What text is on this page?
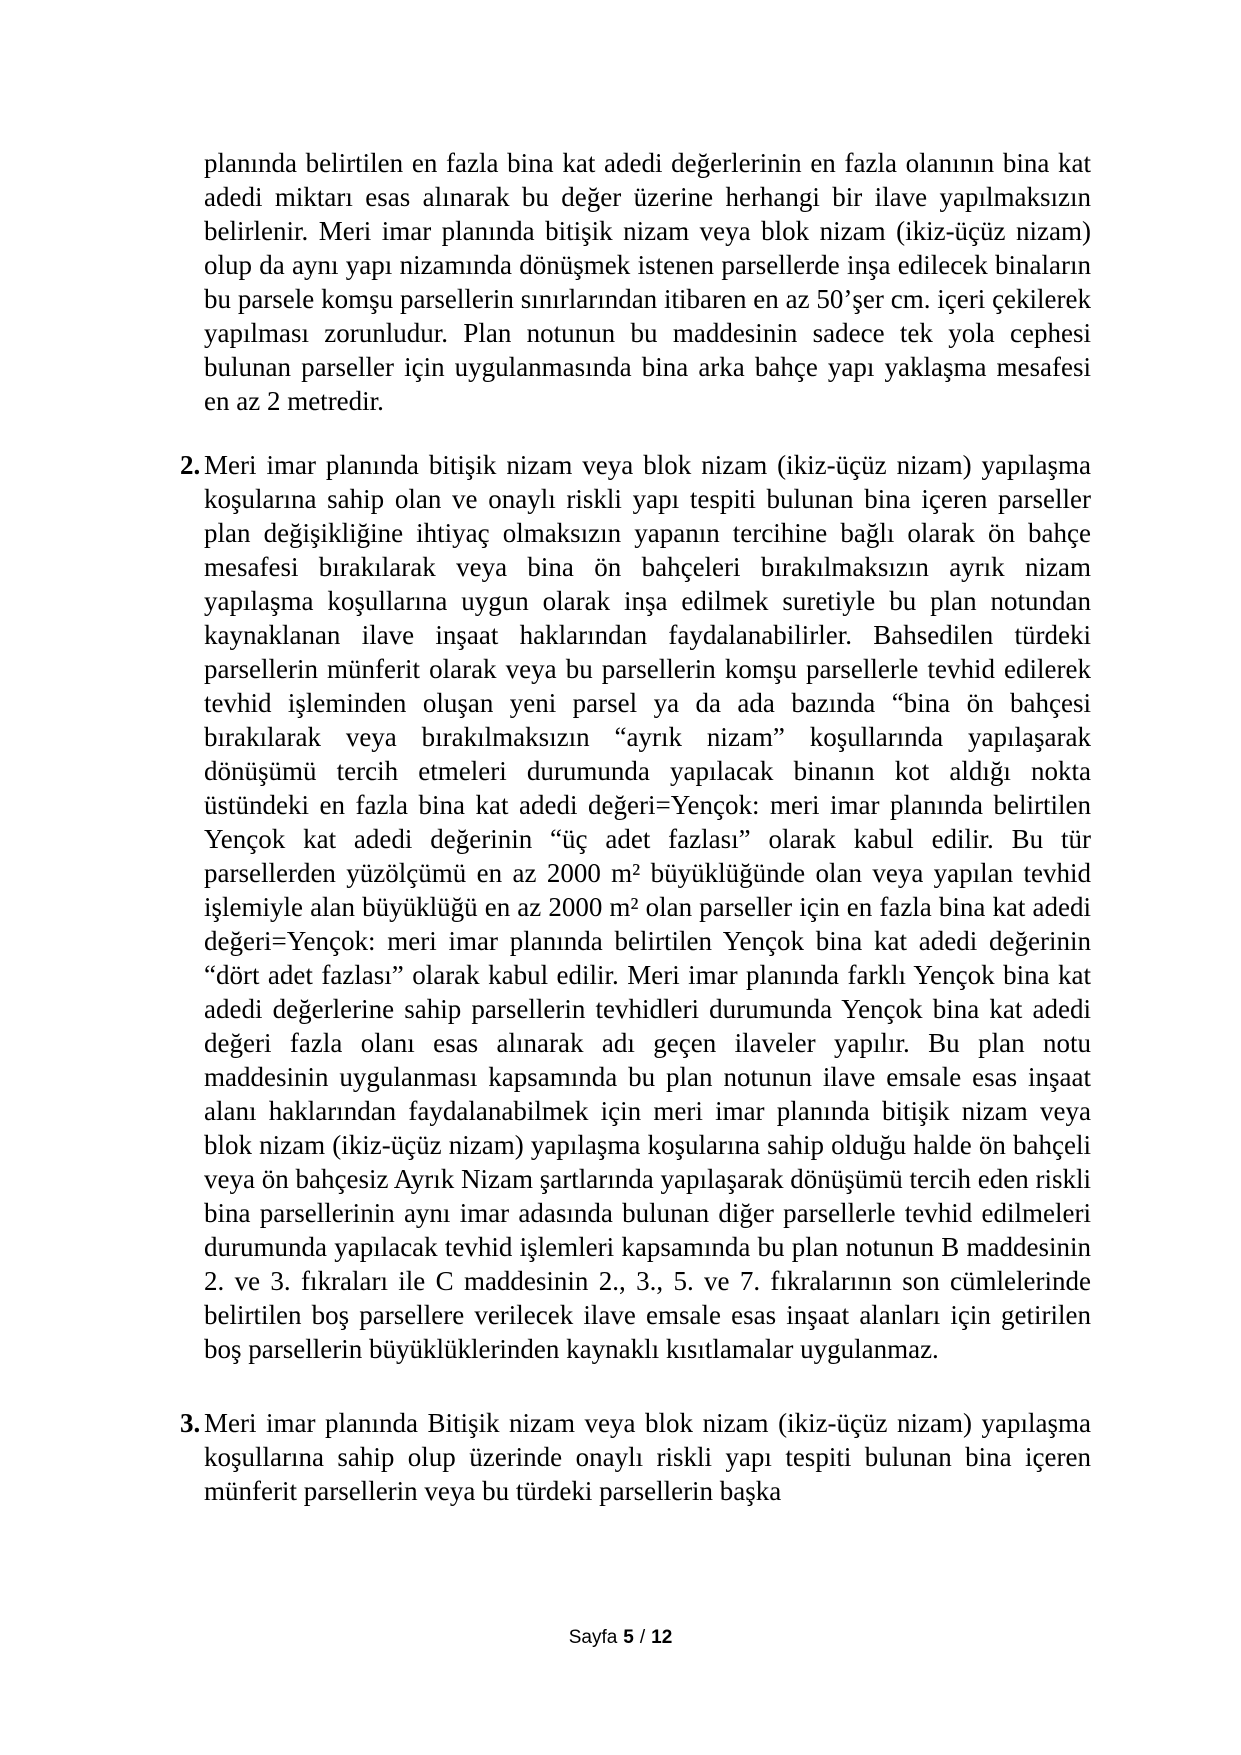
planında belirtilen en fazla bina kat adedi değerlerinin en fazla olanının bina kat adedi miktarı esas alınarak bu değer üzerine herhangi bir ilave yapılmaksızın belirlenir. Meri imar planında bitişik nizam veya blok nizam (ikiz-üçüz nizam) olup da aynı yapı nizamında dönüşmek istenen parsellerde inşa edilecek binaların bu parsele komşu parsellerin sınırlarından itibaren en az 50’şer cm. içeri çekilerek yapılması zorunludur. Plan notunun bu maddesinin sadece tek yola cephesi bulunan parseller için uygulanmasında bina arka bahçe yapı yaklaşma mesafesi en az 2 metredir.

2. Meri imar planında bitişik nizam veya blok nizam (ikiz-üçüz nizam) yapılaşma koşularına sahip olan ve onaylı riskli yapı tespiti bulunan bina içeren parseller plan değişikliğine ihtiyaç olmaksızın yapanın tercihine bağlı olarak ön bahçe mesafesi bırakılarak veya bina ön bahçeleri bırakılmaksızın ayrık nizam yapılaşma koşullarına uygun olarak inşa edilmek suretiyle bu plan notundan kaynaklanan ilave inşaat haklarından faydalanabilirler. Bahsedilen türdeki parsellerin münferit olarak veya bu parsellerin komşu parsellerle tevhid edilerek tevhid işleminden oluşan yeni parsel ya da ada bazında “bina ön bahçesi bırakılarak veya bırakılmaksızın “ayrık nizam” koşullarında yapılaşarak dönüşümü tercih etmeleri durumunda yapılacak binanın kot aldığı nokta üstündeki en fazla bina kat adedi değeri=Yençok: meri imar planında belirtilen Yençok kat adedi değerinin “üç adet fazlası” olarak kabul edilir. Bu tür parsellerden yüzölçümü en az 2000 m² büyüklüğünde olan veya yapılan tevhid işlemiyle alan büyüklüğü en az 2000 m² olan parseller için en fazla bina kat adedi değeri=Yençok: meri imar planında belirtilen Yençok bina kat adedi değerinin “dört adet fazlası” olarak kabul edilir. Meri imar planında farklı Yençok bina kat adedi değerlerine sahip parsellerin tevhidleri durumunda Yençok bina kat adedi değeri fazla olanı esas alınarak adı geçen ilaveler yapılır. Bu plan notu maddesinin uygulanması kapsamında bu plan notunun ilave emsale esas inşaat alanı haklarından faydalanabilmek için meri imar planında bitişik nizam veya blok nizam (ikiz-üçüz nizam) yapılaşma koşularına sahip olduğu halde ön bahçeli veya ön bahçesiz Ayrık Nizam şartlarında yapılaşarak dönüşümü tercih eden riskli bina parsellerinin aynı imar adasında bulunan diğer parsellerle tevhid edilmeleri durumunda yapılacak tevhid işlemleri kapsamında bu plan notunun B maddesinin 2. ve 3. fıkraları ile C maddesinin 2., 3., 5. ve 7. fıkralarının son cümlelerinde belirtilen boş parsellere verilecek ilave emsale esas inşaat alanları için getirilen boş parsellerin büyüklüklerinden kaynaklı kısıtlamalar uygulanmaz.
3. Meri imar planında Bitişik nizam veya blok nizam (ikiz-üçüz nizam) yapılaşma koşullarına sahip olup üzerinde onaylı riskli yapı tespiti bulunan bina içeren münferit parsellerin veya bu türdeki parsellerin başka
Sayfa 5 / 12
